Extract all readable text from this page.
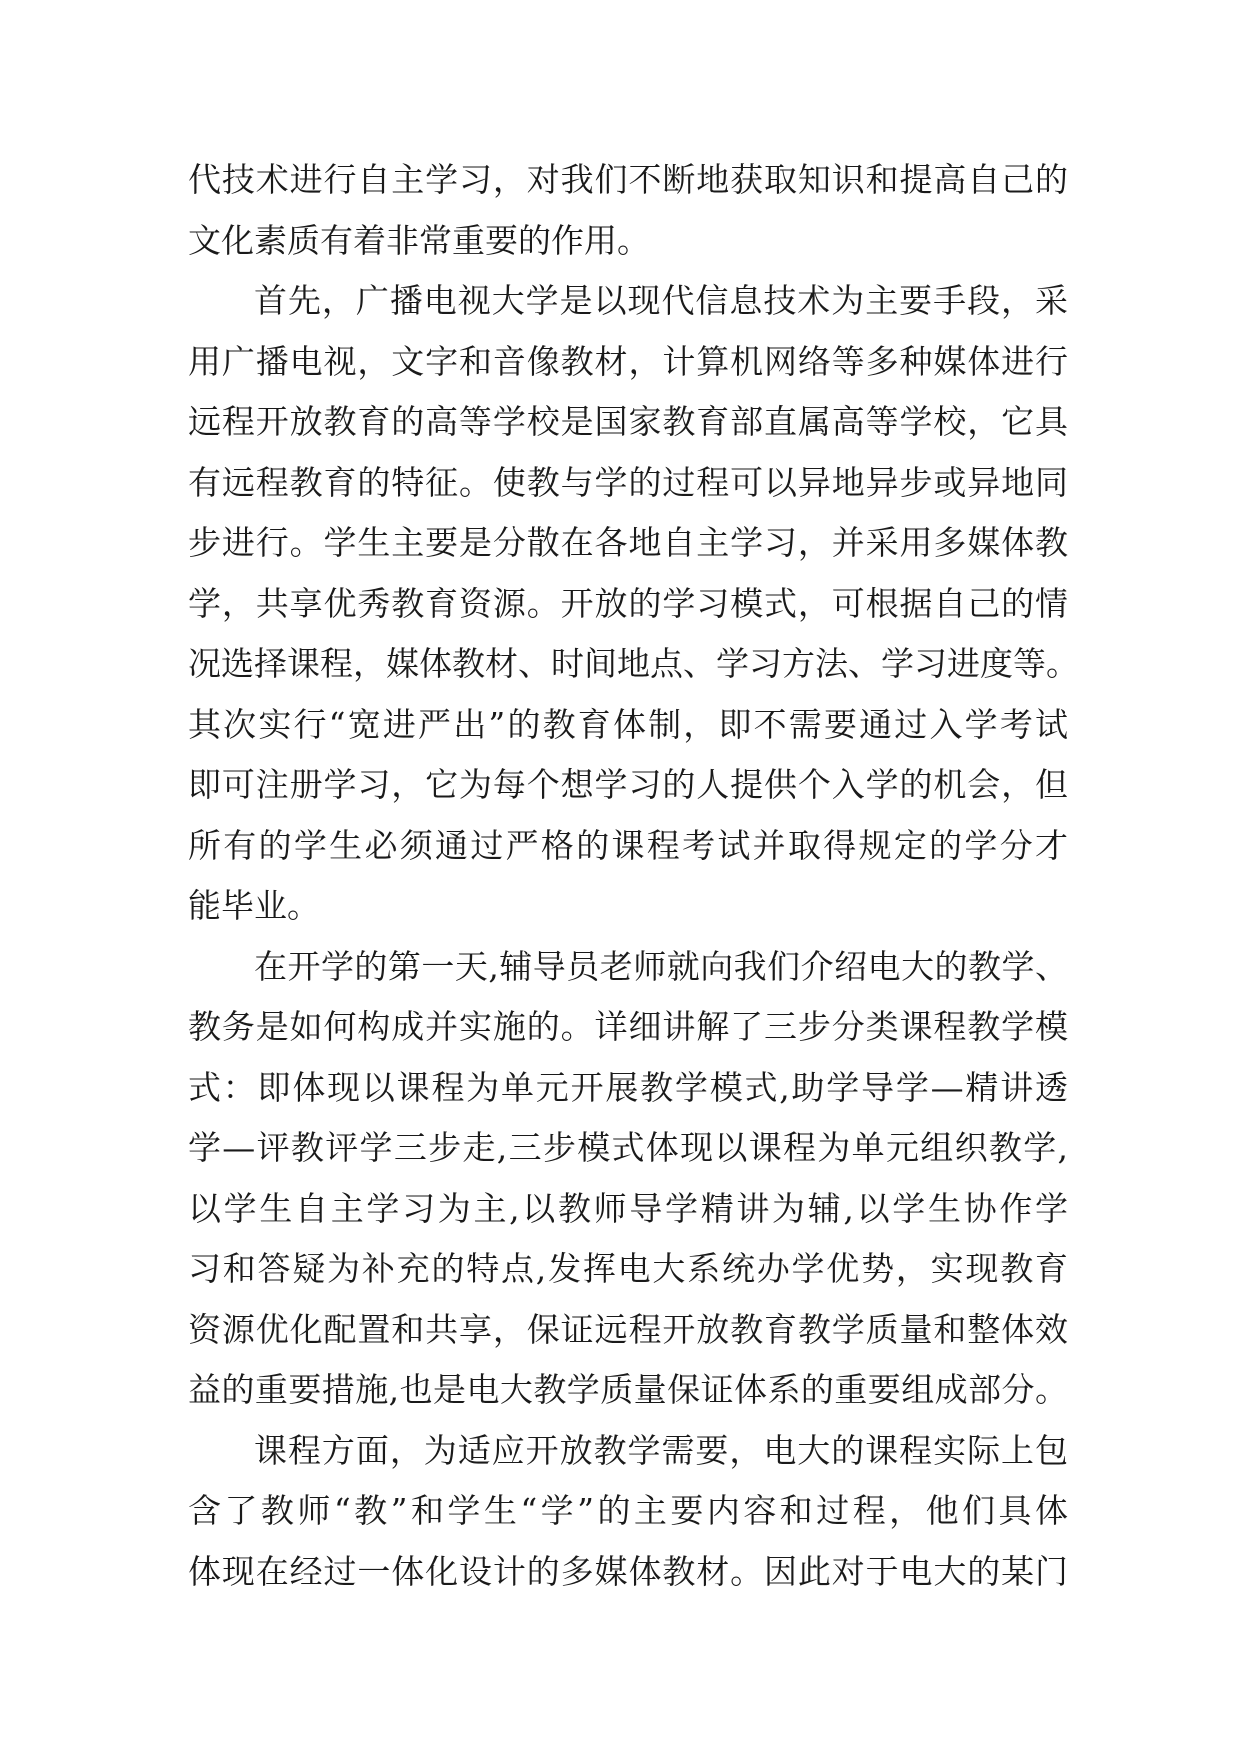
代技术进行自主学习，对我们不断地获取知识和提高自己的
文化素质有着非常重要的作用。
首先，广播电视大学是以现代信息技术为主要手段，采
用广播电视，文字和音像教材，计算机网络等多种媒体进行
远程开放教育的高等学校是国家教育部直属高等学校，它具
有远程教育的特征。使教与学的过程可以异地异步或异地同
步进行。学生主要是分散在各地自主学习，并采用多媒体教
学，共享优秀教育资源。开放的学习模式，可根据自己的情
况选择课程，媒体教材、时间地点、学习方法、学习进度等。
其次实行“宽进严出”的教育体制，即不需要通过入学考试
即可注册学习，它为每个想学习的人提供个入学的机会，但
所有的学生必须通过严格的课程考试并取得规定的学分才
能毕业。
在开学的第一天,辅导员老师就向我们介绍电大的教学、
教务是如何构成并实施的。详细讲解了三步分类课程教学模
式：即体现以课程为单元开展教学模式,助学导学—精讲透
学—评教评学三步走,三步模式体现以课程为单元组织教学,
以学生自主学习为主,以教师导学精讲为辅,以学生协作学
习和答疑为补充的特点,发挥电大系统办学优势，实现教育
资源优化配置和共享，保证远程开放教育教学质量和整体效
益的重要措施,也是电大教学质量保证体系的重要组成部分。
课程方面，为适应开放教学需要，电大的课程实际上包
含了教师“教”和学生“学”的主要内容和过程，他们具体
体现在经过一体化设计的多媒体教材。因此对于电大的某门
